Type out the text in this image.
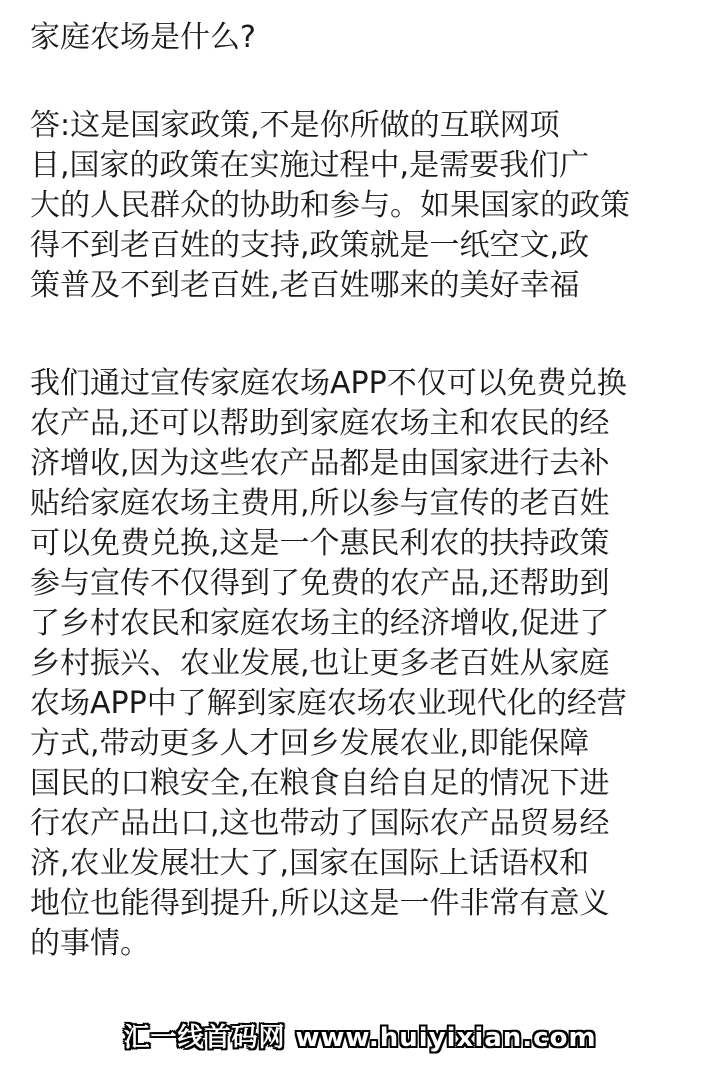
家庭农场是什么?
答:这是国家政策,不是你所做的互联网项
目,国家的政策在实施过程中,是需要我们广
大的人民群众的协助和参与。如果国家的政策
得不到老百姓的支持,政策就是一纸空文,政
策普及不到老百姓,老百姓哪来的美好幸福
我们通过宣传家庭农场APP不仅可以免费兑换
农产品,还可以帮助到家庭农场主和农民的经
济增收,因为这些农产品都是由国家进行去补
贴给家庭农场主费用,所以参与宣传的老百姓
可以免费兑换,这是一个惠民利农的扶持政策
参与宣传不仅得到了免费的农产品,还帮助到
了乡村农民和家庭农场主的经济增收,促进了
乡村振兴、农业发展,也让更多老百姓从家庭
农场APP中了解到家庭农场农业现代化的经营
方式,带动更多人才回乡发展农业,即能保障
国民的口粮安全,在粮食自给自足的情况下进
行农产品出口,这也带动了国际农产品贸易经
济,农业发展壮大了,国家在国际上话语权和
地位也能得到提升,所以这是一件非常有意义
的事情。
汇一线首码网 www.huiyixian.com
